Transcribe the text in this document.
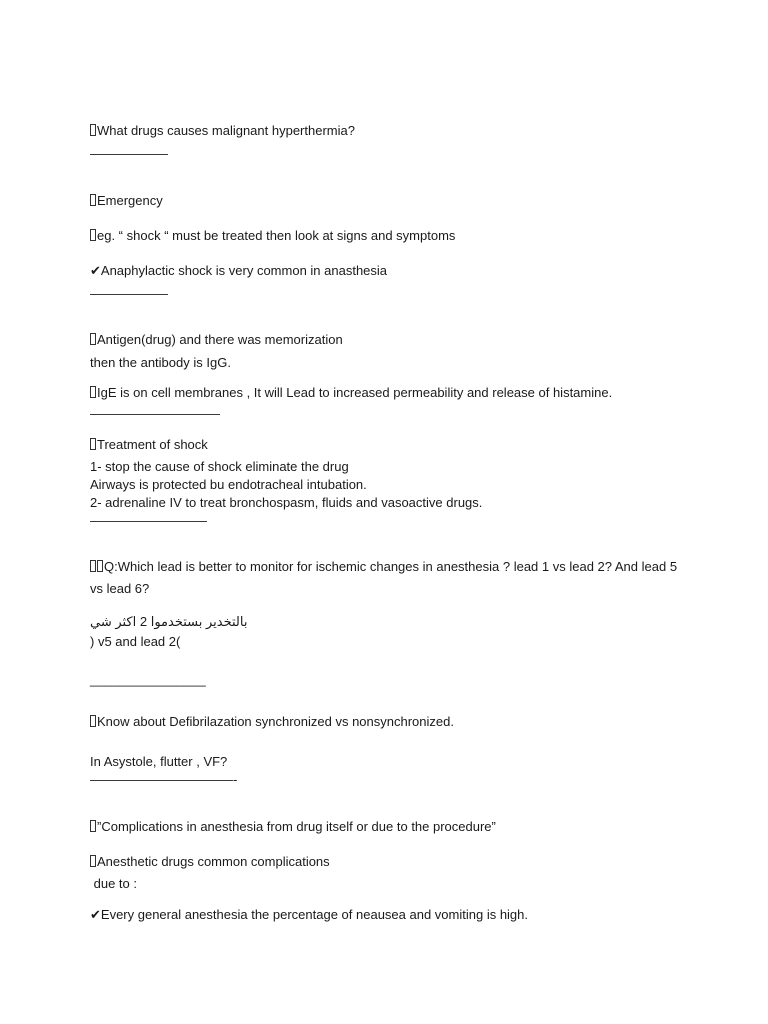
What drugs causes malignant hyperthermia?
——————
Emergency
eg. “ shock “ must be treated then look at signs and symptoms
✔Anaphylactic shock is very common in anasthesia
——————
Antigen(drug) and there was memorization
then the antibody is IgG.
IgE is on cell membranes , It will Lead to increased permeability and release of histamine.
——————————
Treatment of shock
1- stop the cause of shock eliminate the drug
Airways is protected bu endotracheal intubation.
2- adrenaline IV to treat bronchospasm, fluids and vasoactive drugs.
—————————
Q:Which lead is better to monitor for ischemic changes in anesthesia ? lead 1 vs lead 2? And lead 5 vs lead 6?
بالتخدير بستخدموا 2 اكثر شي
) v5 and lead 2(
________________
Know about Defibrilazation synchronized vs nonsynchronized.
In Asystole, flutter , VF?
———————————-
”Complications in anesthesia from drug itself or due to the procedure”
Anesthetic drugs common complications
due to :
✔Every general anesthesia the percentage of neausea and vomiting is high.
